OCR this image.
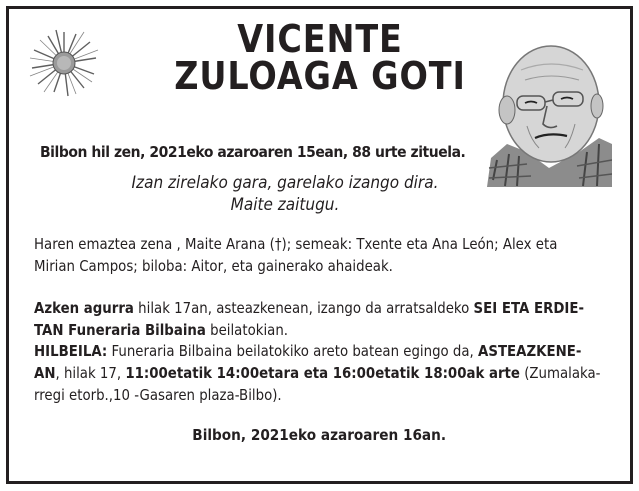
VICENTE
ZULOAGA GOTI
Bilbon hil zen, 2021eko azaroaren 15ean, 88 urte zituela.
Izan zirelako gara, garelako izango dira.
Maite zaitugu.
Haren emaztea zena , Maite Arana (†); semeak: Txente eta Ana León; Alex eta
Mirian Campos; biloba: Aitor, eta gainerako ahaideak.
Azken agurra hilak 17an, asteazkenean, izango da arratsaldeko SEI ETA ERDIE-
TAN Funeraria Bilbaina beilatokian.
HILBEILA: Funeraria Bilbaina beilatokiko areto batean egingo da, ASTEAZKENE-
AN, hilak 17, 11:00etatik 14:00etara eta 16:00etatik 18:00ak arte (Zumalaka-
rregi etorb.,10 -Gasaren plaza-Bilbo).
Bilbon, 2021eko azaroaren 16an.
